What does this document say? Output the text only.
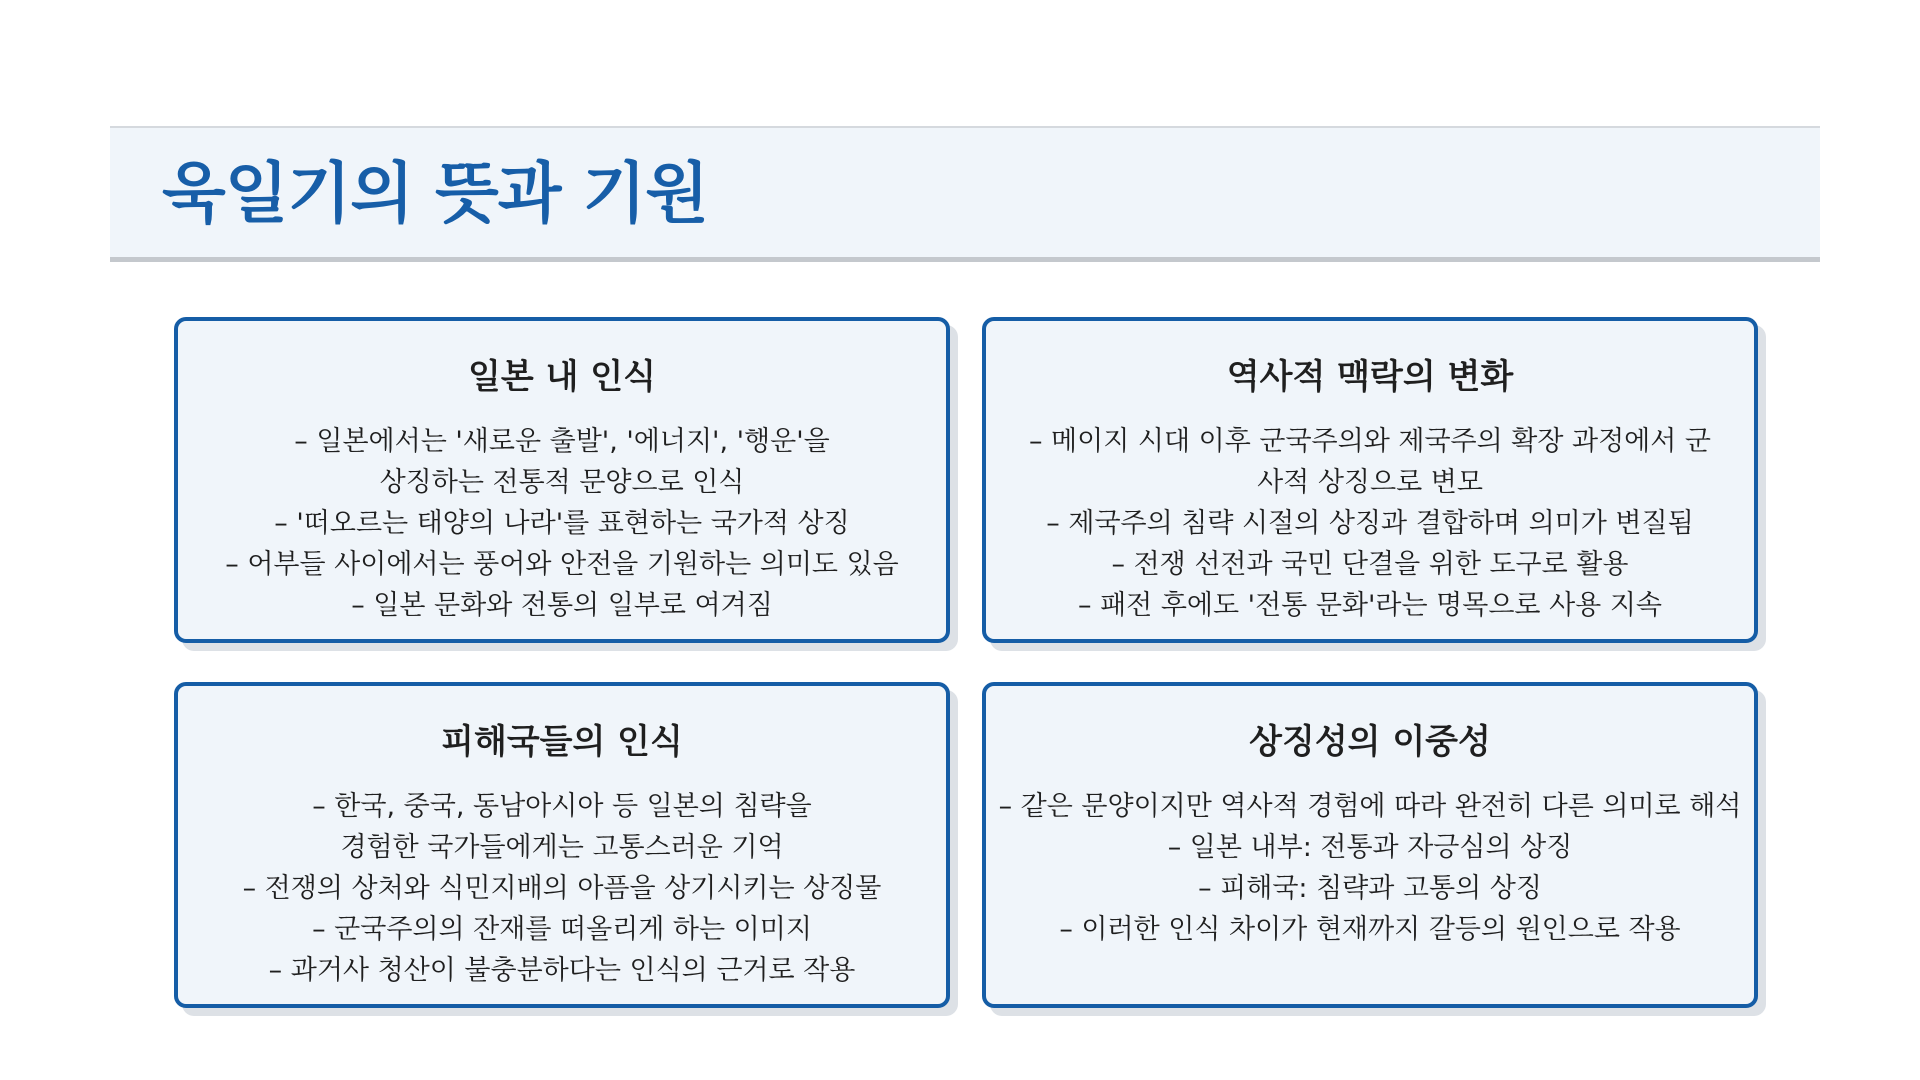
욱일기의 뜻과 기원
일본 내 인식
– 일본에서는 '새로운 출발', '에너지', '행운'을
상징하는 전통적 문양으로 인식
– '떠오르는 태양의 나라'를 표현하는 국가적 상징
– 어부들 사이에서는 풍어와 안전을 기원하는 의미도 있음
– 일본 문화와 전통의 일부로 여겨짐
역사적 맥락의 변화
– 메이지 시대 이후 군국주의와 제국주의 확장 과정에서 군
사적 상징으로 변모
– 제국주의 침략 시절의 상징과 결합하며 의미가 변질됨
– 전쟁 선전과 국민 단결을 위한 도구로 활용
– 패전 후에도 '전통 문화'라는 명목으로 사용 지속
피해국들의 인식
– 한국, 중국, 동남아시아 등 일본의 침략을
경험한 국가들에게는 고통스러운 기억
– 전쟁의 상처와 식민지배의 아픔을 상기시키는 상징물
– 군국주의의 잔재를 떠올리게 하는 이미지
– 과거사 청산이 불충분하다는 인식의 근거로 작용
상징성의 이중성
– 같은 문양이지만 역사적 경험에 따라 완전히 다른 의미로 해석
– 일본 내부: 전통과 자긍심의 상징
– 피해국: 침략과 고통의 상징
– 이러한 인식 차이가 현재까지 갈등의 원인으로 작용
